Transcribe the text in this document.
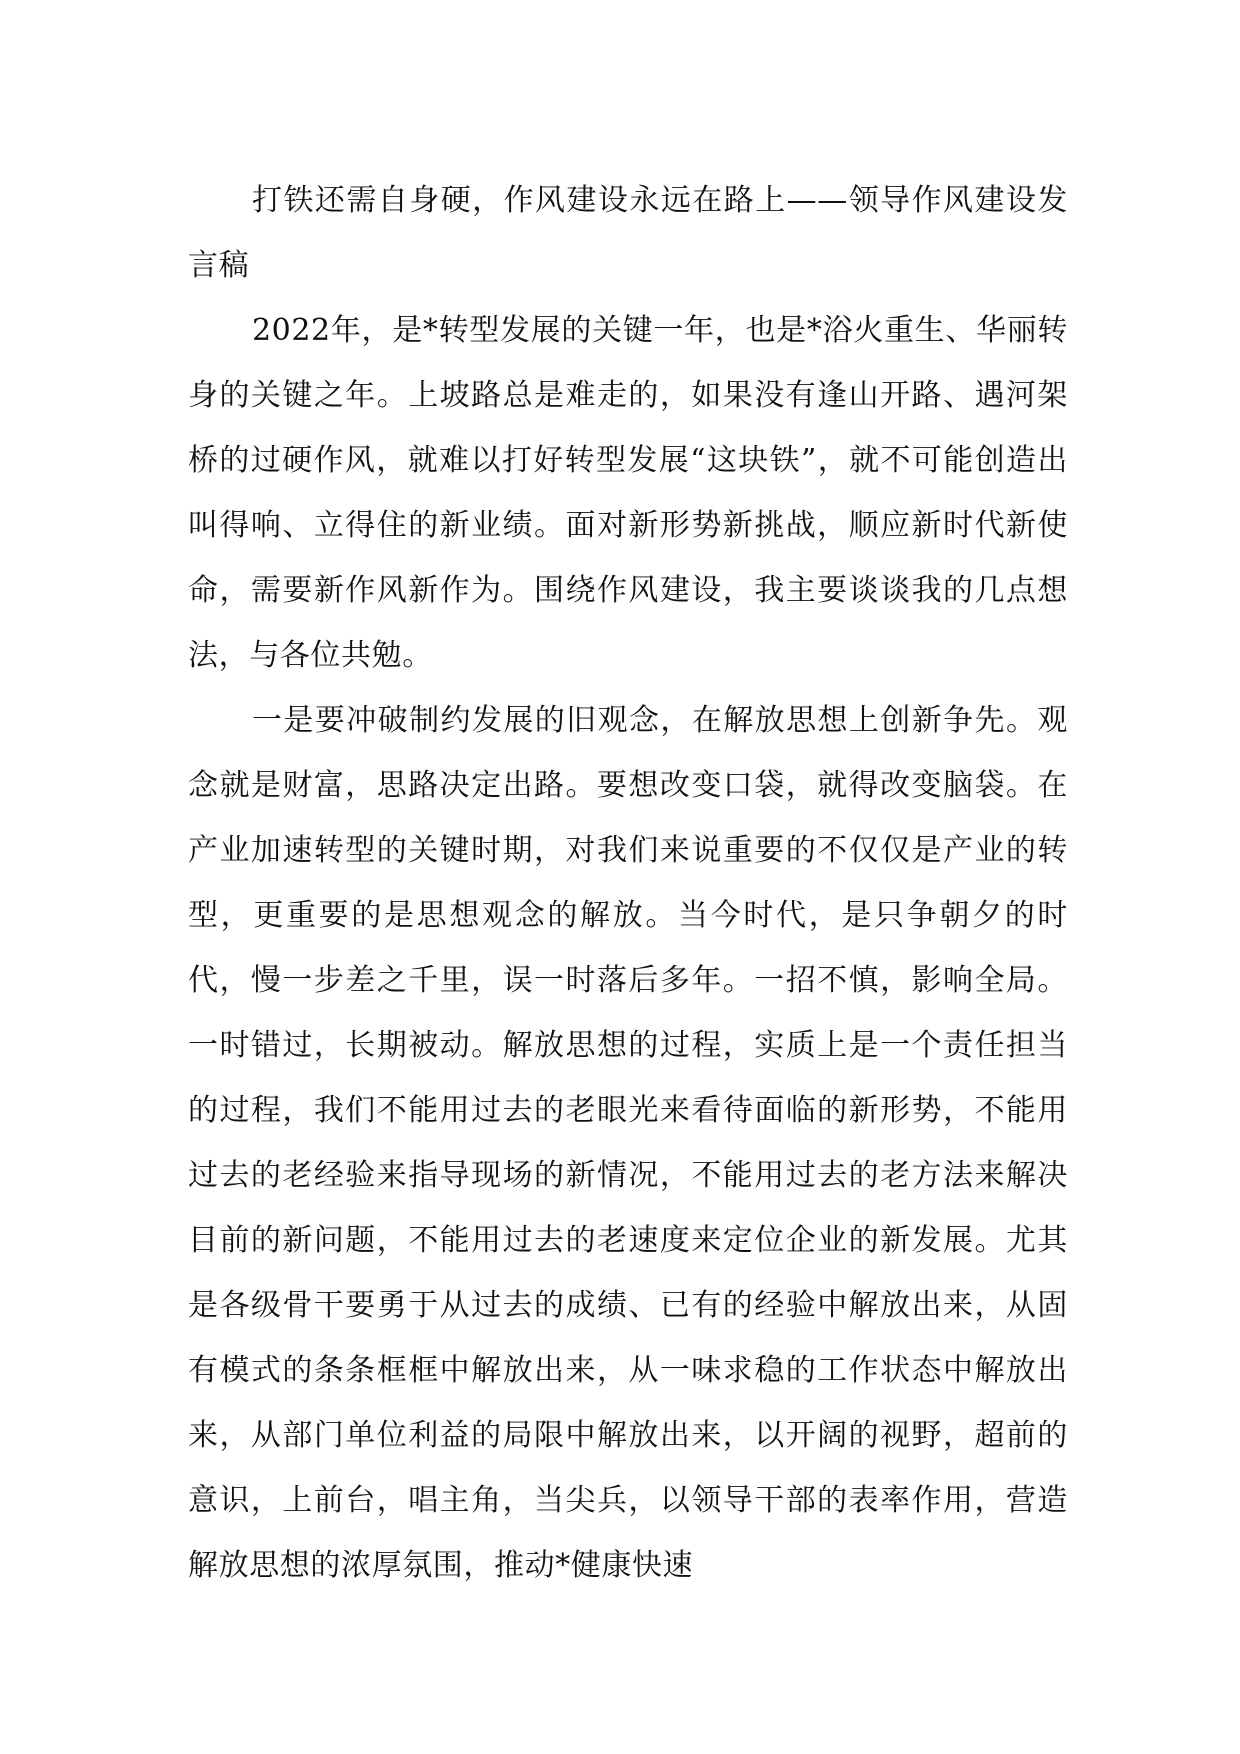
打铁还需自身硬，作风建设永远在路上——领导作风建设发言稿

2022年，是*转型发展的关键一年，也是*浴火重生、华丽转身的关键之年。上坡路总是难走的，如果没有逢山开路、遇河架桥的过硬作风，就难以打好转型发展“这块铁”，就不可能创造出叫得响、立得住的新业绩。面对新形势新挑战，顺应新时代新使命，需要新作风新作为。围绕作风建设，我主要谈谈我的几点想法，与各位共勉。

一是要冲破制约发展的旧观念，在解放思想上创新争先。观念就是财富，思路决定出路。要想改变口袋，就得改变脑袋。在产业加速转型的关键时期，对我们来说重要的不仅仅是产业的转型，更重要的是思想观念的解放。当今时代，是只争朝夕的时代，慢一步差之千里，误一时落后多年。一招不慎，影响全局。一时错过，长期被动。解放思想的过程，实质上是一个责任担当的过程，我们不能用过去的老眼光来看待面临的新形势，不能用过去的老经验来指导现场的新情况，不能用过去的老方法来解决目前的新问题，不能用过去的老速度来定位企业的新发展。尤其是各级骨干要勇于从过去的成绩、已有的经验中解放出来，从固有模式的条条框框中解放出来，从一味求稳的工作状态中解放出来，从部门单位利益的局限中解放出来，以开阔的视野，超前的意识，上前台，唱主角，当尖兵，以领导干部的表率作用，营造解放思想的浓厚氛围，推动*健康快速
